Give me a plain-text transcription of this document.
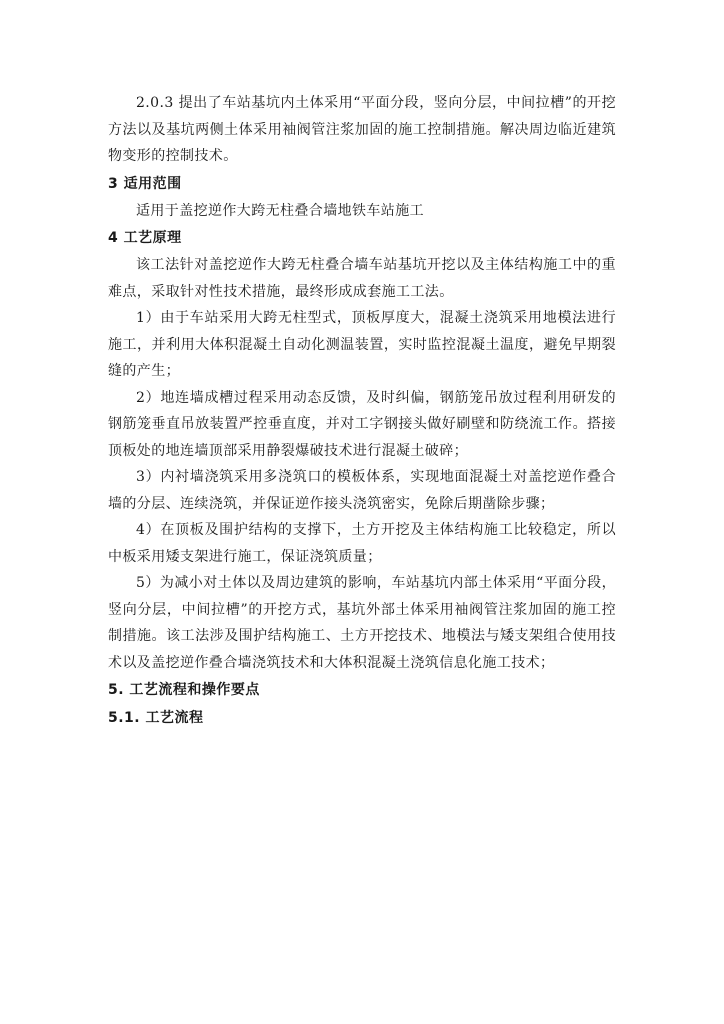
2.0.3 提出了车站基坑内土体采用“平面分段，竖向分层，中间拉槽”的开挖方法以及基坑两侧土体采用袖阀管注浆加固的施工控制措施。解决周边临近建筑物变形的控制技术。

3 适用范围

适用于盖挖逆作大跨无柱叠合墙地铁车站施工

4 工艺原理

该工法针对盖挖逆作大跨无柱叠合墙车站基坑开挖以及主体结构施工中的重难点，采取针对性技术措施，最终形成成套施工工法。

1）由于车站采用大跨无柱型式，顶板厚度大，混凝土浇筑采用地模法进行施工，并利用大体积混凝土自动化测温装置，实时监控混凝土温度，避免早期裂缝的产生；

2）地连墙成槽过程采用动态反馈，及时纠偏，钢筋笼吊放过程利用研发的钢筋笼垂直吊放装置严控垂直度，并对工字钢接头做好刷壁和防绕流工作。搭接顶板处的地连墙顶部采用静裂爆破技术进行混凝土破碎；

3）内衬墙浇筑采用多浇筑口的模板体系，实现地面混凝土对盖挖逆作叠合墙的分层、连续浇筑，并保证逆作接头浇筑密实，免除后期凿除步骤；

4）在顶板及围护结构的支撑下，土方开挖及主体结构施工比较稳定，所以中板采用矮支架进行施工，保证浇筑质量；

5）为减小对土体以及周边建筑的影响，车站基坑内部土体采用“平面分段，竖向分层，中间拉槽”的开挖方式，基坑外部土体采用袖阀管注浆加固的施工控制措施。该工法涉及围护结构施工、土方开挖技术、地模法与矮支架组合使用技术以及盖挖逆作叠合墙浇筑技术和大体积混凝土浇筑信息化施工技术；

5. 工艺流程和操作要点

5.1. 工艺流程
